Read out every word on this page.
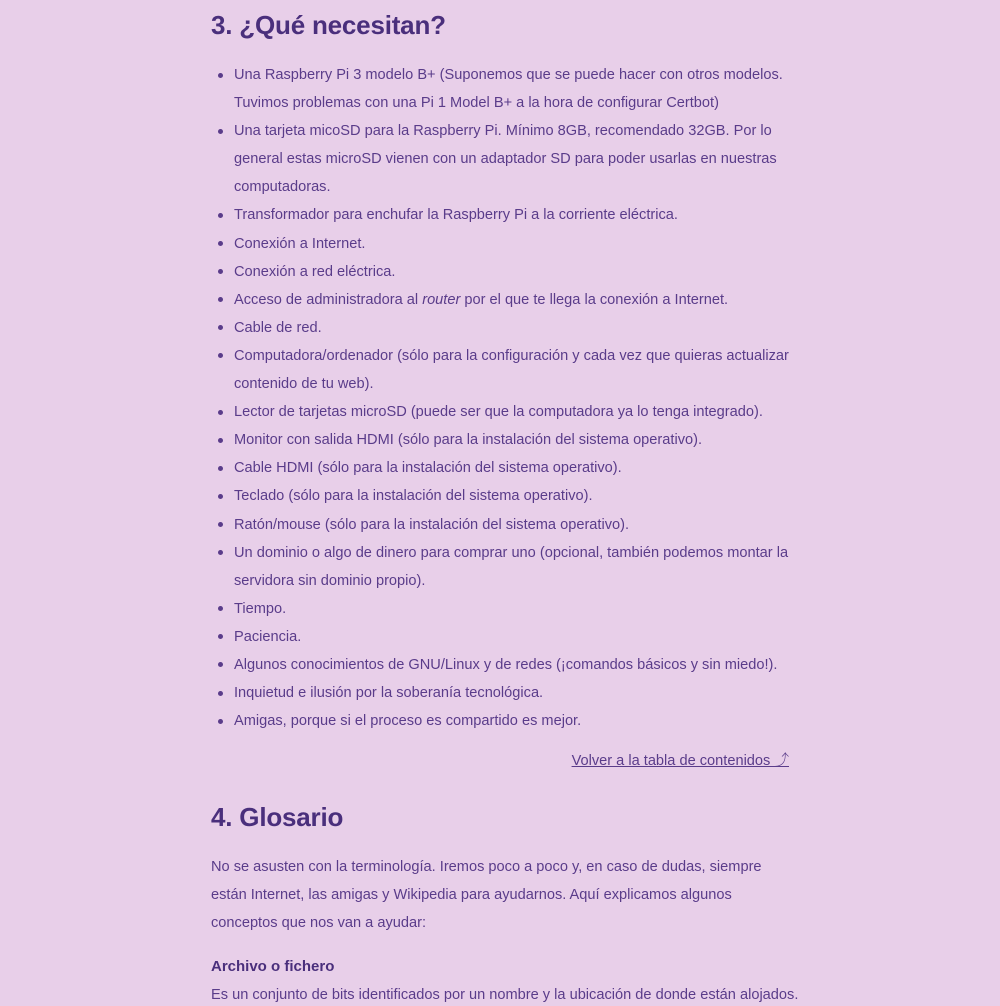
3. ¿Qué necesitan?
Una Raspberry Pi 3 modelo B+ (Suponemos que se puede hacer con otros modelos. Tuvimos problemas con una Pi 1 Model B+ a la hora de configurar Certbot)
Una tarjeta micoSD para la Raspberry Pi. Mínimo 8GB, recomendado 32GB. Por lo general estas microSD vienen con un adaptador SD para poder usarlas en nuestras computadoras.
Transformador para enchufar la Raspberry Pi a la corriente eléctrica.
Conexión a Internet.
Conexión a red eléctrica.
Acceso de administradora al router por el que te llega la conexión a Internet.
Cable de red.
Computadora/ordenador (sólo para la configuración y cada vez que quieras actualizar contenido de tu web).
Lector de tarjetas microSD (puede ser que la computadora ya lo tenga integrado).
Monitor con salida HDMI (sólo para la instalación del sistema operativo).
Cable HDMI (sólo para la instalación del sistema operativo).
Teclado (sólo para la instalación del sistema operativo).
Ratón/mouse (sólo para la instalación del sistema operativo).
Un dominio o algo de dinero para comprar uno (opcional, también podemos montar la servidora sin dominio propio).
Tiempo.
Paciencia.
Algunos conocimientos de GNU/Linux y de redes (¡comandos básicos y sin miedo!).
Inquietud e ilusión por la soberanía tecnológica.
Amigas, porque si el proceso es compartido es mejor.
Volver a la tabla de contenidos ⤴
4. Glosario

No se asusten con la terminología. Iremos poco a poco y, en caso de dudas, siempre están Internet, las amigas y Wikipedia para ayudarnos. Aquí explicamos algunos conceptos que nos van a ayudar:

Archivo o fichero

Es un conjunto de bits identificados por un nombre y la ubicación de donde están alojados.
